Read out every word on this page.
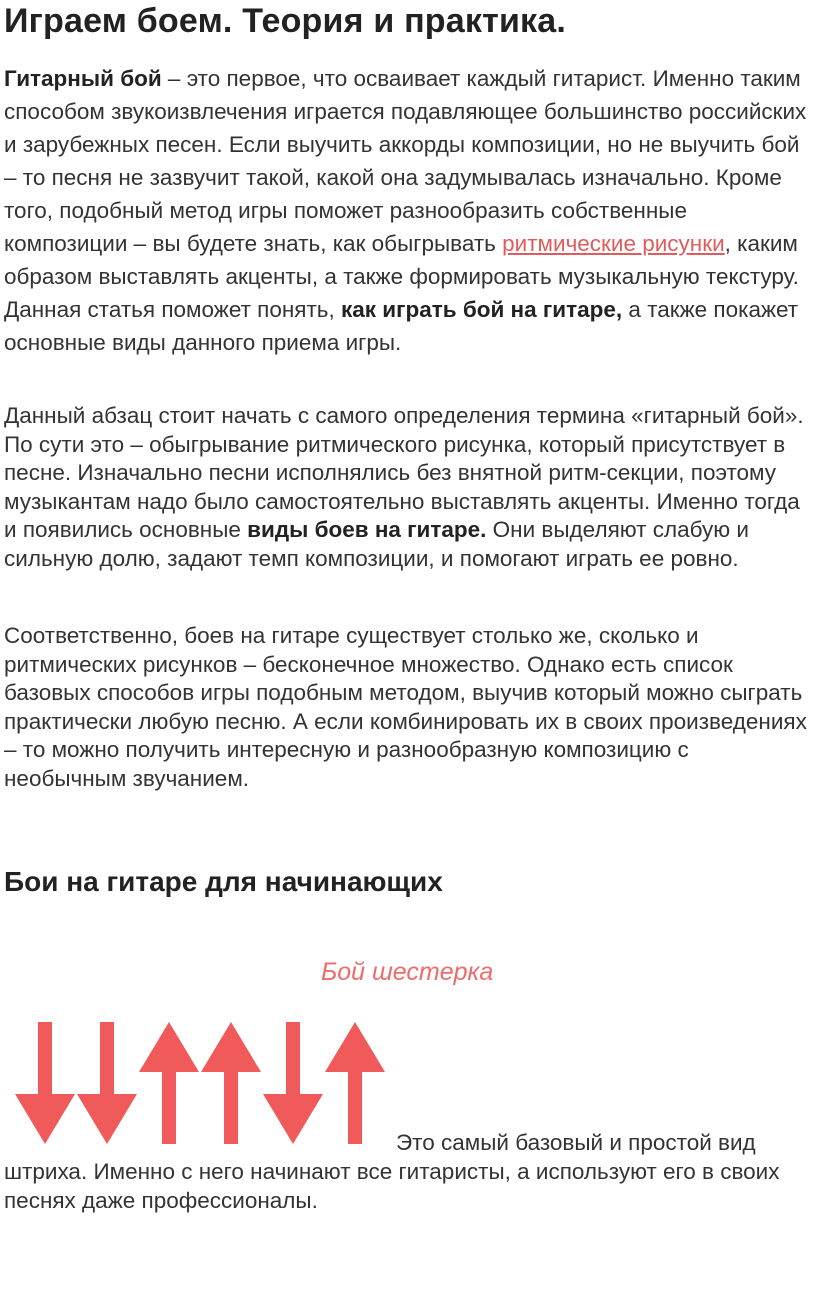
Играем боем. Теория и практика.

Гитарный бой – это первое, что осваивает каждый гитарист. Именно таким способом звукоизвлечения играется подавляющее большинство российских и зарубежных песен. Если выучить аккорды композиции, но не выучить бой – то песня не зазвучит такой, какой она задумывалась изначально. Кроме того, подобный метод игры поможет разнообразить собственные композиции – вы будете знать, как обыгрывать ритмические рисунки, каким образом выставлять акценты, а также формировать музыкальную текстуру. Данная статья поможет понять, как играть бой на гитаре, а также покажет основные виды данного приема игры.

Данный абзац стоит начать с самого определения термина «гитарный бой». По сути это – обыгрывание ритмического рисунка, который присутствует в песне. Изначально песни исполнялись без внятной ритм-секции, поэтому музыкантам надо было самостоятельно выставлять акценты. Именно тогда и появились основные виды боев на гитаре. Они выделяют слабую и сильную долю, задают темп композиции, и помогают играть ее ровно.

Соответственно, боев на гитаре существует столько же, сколько и ритмических рисунков – бесконечное множество. Однако есть список базовых способов игры подобным методом, выучив который можно сыграть практически любую песню. А если комбинировать их в своих произведениях – то можно получить интересную и разнообразную композицию с необычным звучанием.

Бои на гитаре для начинающих

Бой шестерка

Это самый базовый и простой вид
штриха. Именно с него начинают все гитаристы, а используют его в своих песнях даже профессионалы.
